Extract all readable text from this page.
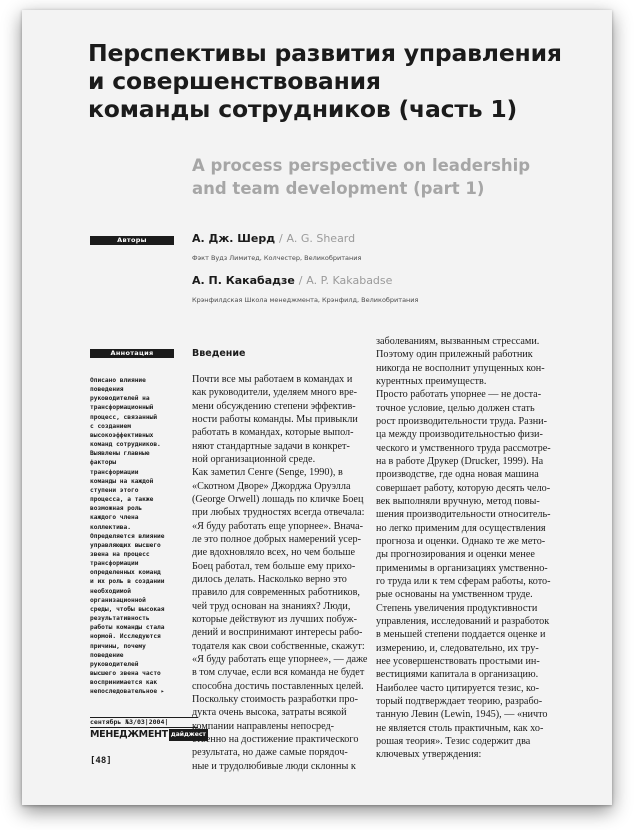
Перспективы развития управления
и совершенствования
команды сотрудников (часть 1)
A process perspective on leadership
and team development (part 1)
Авторы	А. Дж. Шерд / A. G. Sheard
Фэкт Вудз Лимитед, Колчестер, Великобритания
А. П. Какабадзе / A. P. Kakabadse
Крэнфилдская Школа менеджмента, Крэнфилд, Великобритания
Аннотация
Описано влияние
поведения
руководителей на
трансформационный
процесс, связанный
с созданием
высокоэффективных
команд сотрудников.
Выявлены главные
факторы
трансформации
команды на каждой
ступени этого
процесса, а также
возможная роль
каждого члена
коллектива.
Определяется влияние
управляющих высшего
звена на процесс
трансформации
определенных команд
и их роль в создании
необходимой
организационной
среды, чтобы высокая
результативность
работы команды стала
нормой. Исследуются
причины, почему
поведение
руководителей
высшего звена часто
воспринимается как
непоследовательное ▸
сентябрь №3/03|2004|
МЕНЕДЖМЕНТ дайджест
[48]
Введение
Почти все мы работаем в командах и
как руководители, уделяем много вре-
мени обсуждению степени эффектив-
ности работы команды. Мы привыкли
работать в командах, которые выпол-
няют стандартные задачи в конкрет-
ной организационной среде.
Как заметил Сенге (Senge, 1990), в
«Скотном Дворе» Джорджа Оруэлла
(George Orwell) лошадь по кличке Боец
при любых трудностях всегда отвечала:
«Я буду работать еще упорнее». Внача-
ле это полное добрых намерений усер-
дие вдохновляло всех, но чем больше
Боец работал, тем больше ему прихо-
дилось делать. Насколько верно это
правило для современных работников,
чей труд основан на знаниях? Люди,
которые действуют из лучших побуж-
дений и воспринимают интересы рабо-
тодателя как свои собственные, скажут:
«Я буду работать еще упорнее», — даже
в том случае, если вся команда не будет
способна достичь поставленных целей.
Поскольку стоимость разработки про-
дукта очень высока, затраты всякой
компании направлены непосред-
ственно на достижение практического
результата, но даже самые порядоч-
ные и трудолюбивые люди склонны к
заболеваниям, вызванным стрессами.
Поэтому один прилежный работник
никогда не восполнит упущенных кон-
курентных преимуществ.
Просто работать упорнее — не доста-
точное условие, целью должен стать
рост производительности труда. Разни-
ца между производительностью физи-
ческого и умственного труда рассмотре-
на в работе Друкер (Drucker, 1999). На
производстве, где одна новая машина
совершает работу, которую десять чело-
век выполняли вручную, метод повы-
шения производительности относитель-
но легко применим для осуществления
прогноза и оценки. Однако те же мето-
ды прогнозирования и оценки менее
применимы в организациях умственно-
го труда или к тем сферам работы, кото-
рые основаны на умственном труде.
Степень увеличения продуктивности
управления, исследований и разработок
в меньшей степени поддается оценке и
измерению, и, следовательно, их тру-
нее усовершенствовать простыми ин-
вестициями капитала в организацию.
Наиболее часто цитируется тезис, ко-
торый подтверждает теорию, разрабо-
танную Левин (Lewin, 1945), — «ничто
не является столь практичным, как хо-
рошая теория». Тезис содержит два
ключевых утверждения:
